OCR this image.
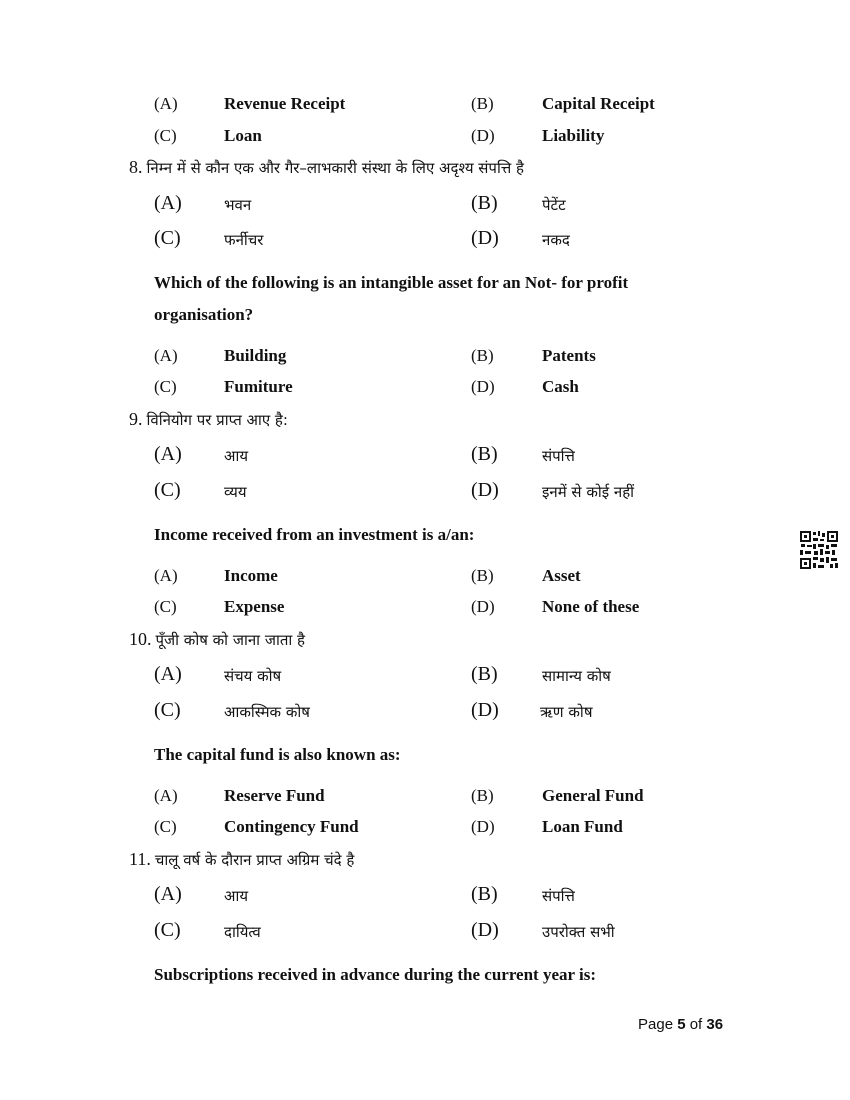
(A)	Revenue Receipt	(B)	Capital Receipt
(C)	Loan	(D)	Liability
8. निम्न में से कौन एक और गैर–लाभकारी संस्था के लिए अदृश्य संपत्ति है
(A)	भवन	(B)	पेटेंट
(C)	फर्नीचर	(D)	नकद
Which of the following is an intangible asset for an Not- for profit organisation?
(A)	Building	(B)	Patents
(C)	Fumiture	(D)	Cash
9. विनियोग पर प्राप्त आए है:
(A)	आय	(B)	संपत्ति
(C)	व्यय	(D)	इनमें से कोई नहीं
Income received from an investment is a/an:
(A)	Income	(B)	Asset
(C)	Expense	(D)	None of these
10. पूँजी कोष को जाना जाता है
(A)	संचय कोष	(B)	सामान्य कोष
(C)	आकस्मिक कोष	(D)	ऋण कोष
The capital fund is also known as:
(A)	Reserve Fund	(B)	General Fund
(C)	Contingency Fund	(D)	Loan Fund
11. चालू वर्ष के दौरान प्राप्त अग्रिम चंदे है
(A)	आय	(B)	संपत्ति
(C)	दायित्व	(D)	उपरोक्त सभी
Subscriptions received in advance during the current year is:
Page 5 of 36
